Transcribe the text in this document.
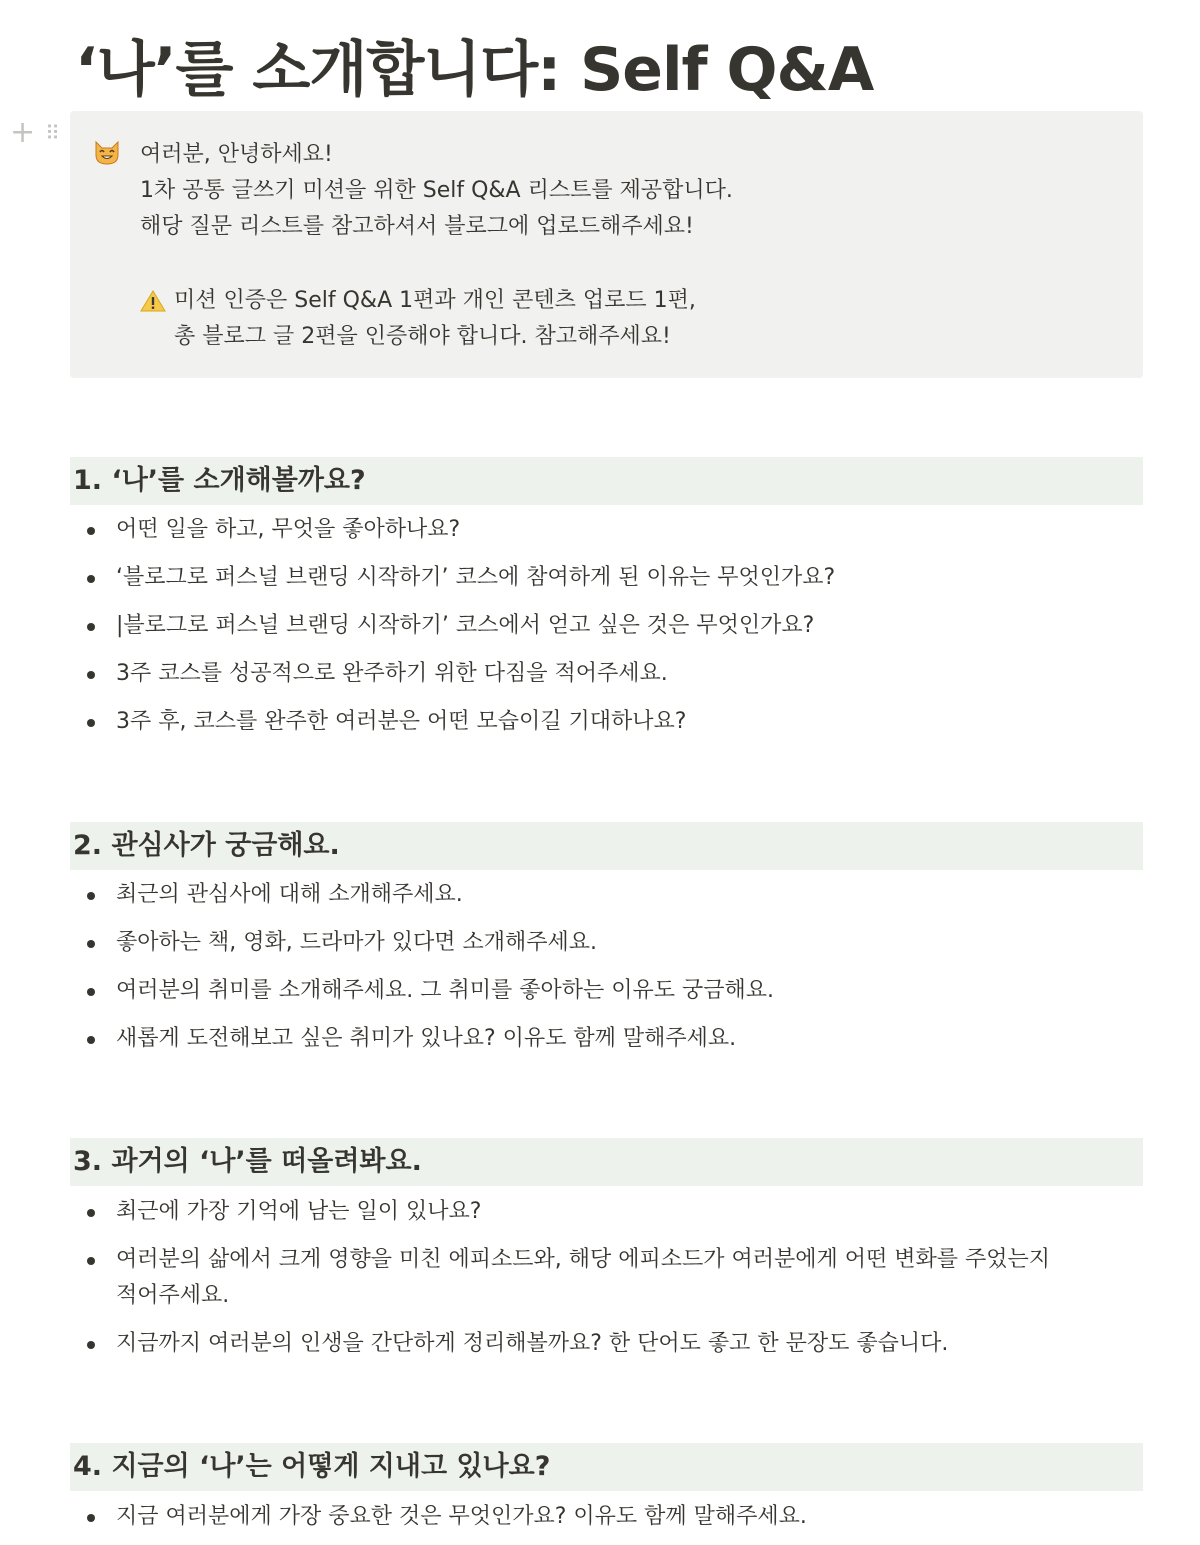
‘나’를 소개합니다: Self Q&A
+ ⠿
여러분, 안녕하세요!
1차 공통 글쓰기 미션을 위한 Self Q&A 리스트를 제공합니다.
해당 질문 리스트를 참고하셔서 블로그에 업로드해주세요!
미션 인증은 Self Q&A 1편과 개인 콘텐츠 업로드 1편,
총 블로그 글 2편을 인증해야 합니다. 참고해주세요!
1. ‘나’를 소개해볼까요?
어떤 일을 하고, 무엇을 좋아하나요?
‘블로그로 퍼스널 브랜딩 시작하기’ 코스에 참여하게 된 이유는 무엇인가요?
|블로그로 퍼스널 브랜딩 시작하기’ 코스에서 얻고 싶은 것은 무엇인가요?
3주 코스를 성공적으로 완주하기 위한 다짐을 적어주세요.
3주 후, 코스를 완주한 여러분은 어떤 모습이길 기대하나요?
2. 관심사가 궁금해요.
최근의 관심사에 대해 소개해주세요.
좋아하는 책, 영화, 드라마가 있다면 소개해주세요.
여러분의 취미를 소개해주세요. 그 취미를 좋아하는 이유도 궁금해요.
새롭게 도전해보고 싶은 취미가 있나요? 이유도 함께 말해주세요.
3. 과거의 ‘나’를 떠올려봐요.
최근에 가장 기억에 남는 일이 있나요?
여러분의 삶에서 크게 영향을 미친 에피소드와, 해당 에피소드가 여러분에게 어떤 변화를 주었는지 적어주세요.
지금까지 여러분의 인생을 간단하게 정리해볼까요? 한 단어도 좋고 한 문장도 좋습니다.
4. 지금의 ‘나’는 어떻게 지내고 있나요?
지금 여러분에게 가장 중요한 것은 무엇인가요? 이유도 함께 말해주세요.
